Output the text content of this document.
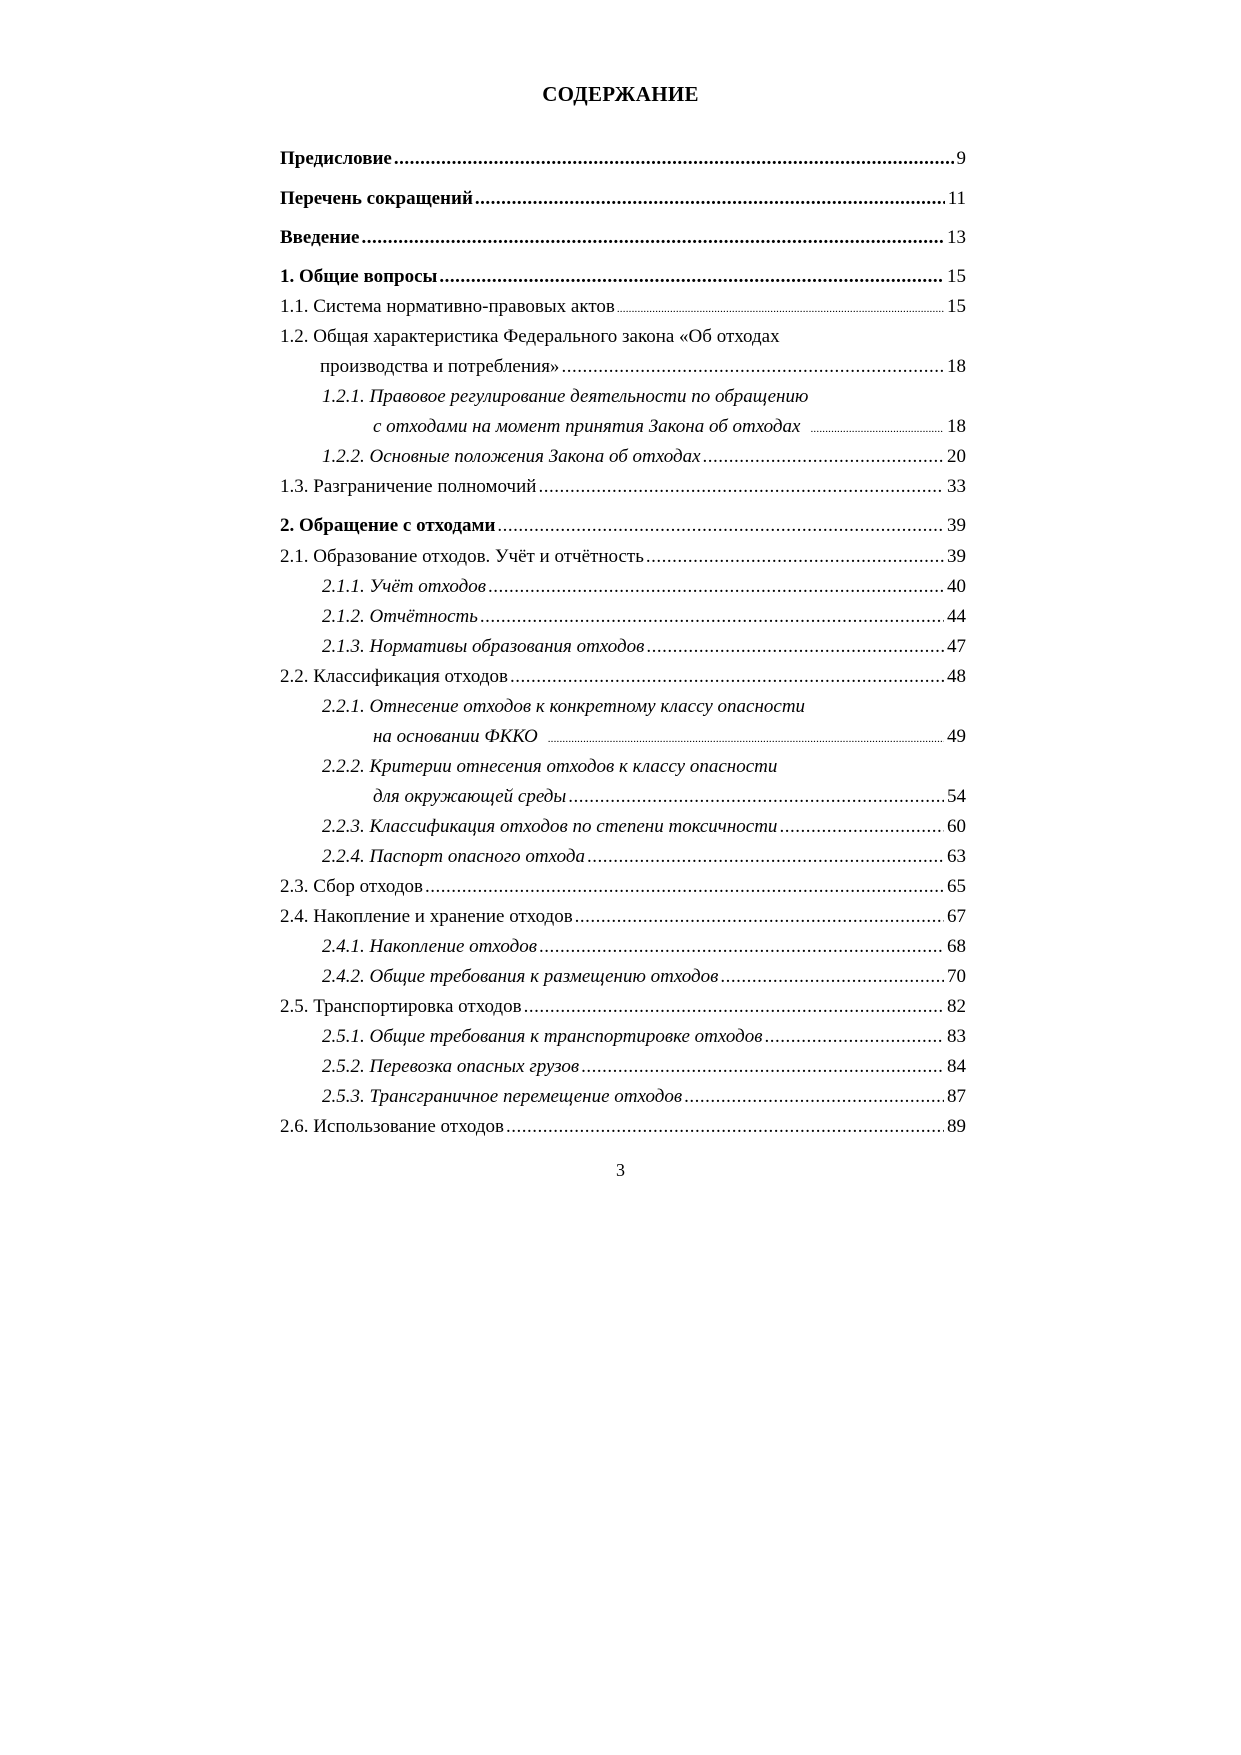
СОДЕРЖАНИЕ
Предисловие .....	9
Перечень сокращений .....	11
Введение .....	13
1. Общие вопросы .....	15
1.1. Система нормативно-правовых актов .....	15
1.2. Общая характеристика Федерального закона «Об отходах
производства и потребления» .....	18
1.2.1. Правовое регулирование деятельности по обращению
с отходами на момент принятия Закона об отходах .....	18
1.2.2. Основные положения Закона об отходах .....	20
1.3. Разграничение полномочий .....	33
2. Обращение с отходами .....	39
2.1. Образование отходов. Учёт и отчётность .....	39
2.1.1. Учёт отходов .....	40
2.1.2. Отчётность .....	44
2.1.3. Нормативы образования отходов .....	47
2.2. Классификация отходов .....	48
2.2.1. Отнесение отходов к конкретному классу опасности
на основании ФККО .....	49
2.2.2. Критерии отнесения отходов к классу опасности
для окружающей среды .....	54
2.2.3. Классификация отходов по степени токсичности .....	60
2.2.4. Паспорт опасного отхода .....	63
2.3. Сбор отходов .....	65
2.4. Накопление и хранение отходов .....	67
2.4.1. Накопление отходов .....	68
2.4.2. Общие требования к размещению отходов .....	70
2.5. Транспортировка отходов .....	82
2.5.1. Общие требования к транспортировке отходов .....	83
2.5.2. Перевозка опасных грузов .....	84
2.5.3. Трансграничное перемещение отходов .....	87
2.6. Использование отходов .....	89
3
